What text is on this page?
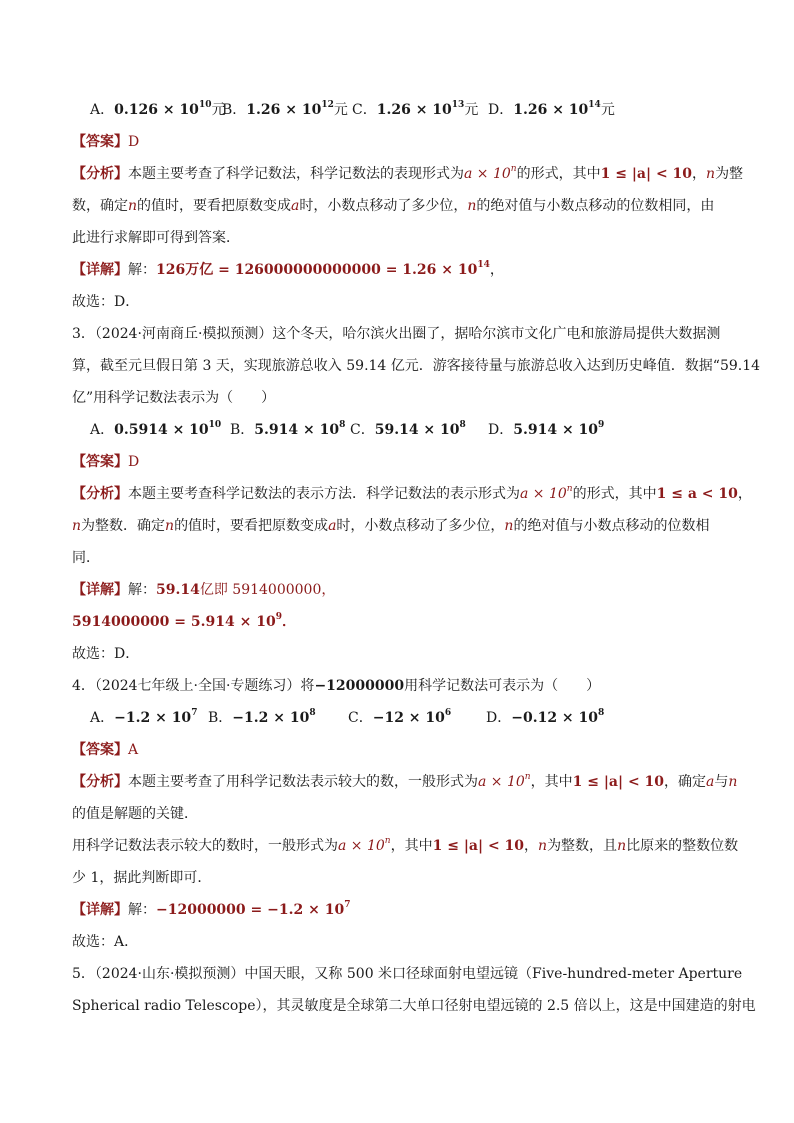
A．$0.126 \times 10^{10}$元B．$1.26 \times 10^{12}$元 C．$1.26 \times 10^{13}$元 D．$1.26 \times 10^{14}$元
【答案】D
【分析】本题主要考查了科学记数法，科学记数法的表现形式为$a \times 10^n$的形式，其中1 ≤ |a| < 10，n为整
数，确定n的值时，要看把原数变成a时，小数点移动了多少位，n的绝对值与小数点移动的位数相同，由
此进行求解即可得到答案．
【详解】解：126万亿 = $126000000000000 = 1.26 \times 10^{14}$，
故选：D．
3．（2024·河南商丘·模拟预测）这个冬天，哈尔滨火出圈了，据哈尔滨市文化广电和旅游局提供大数据测
算，截至元旦假日第 3 天，实现旅游总收入 59.14 亿元．游客接待量与旅游总收入达到历史峰值．数据“59.14
亿”用科学记数法表示为（　　）
A．$0.5914 \times 10^{10}$ B．$5.914 \times 10^8$ C．$59.14 \times 10^8$ D．$5.914 \times 10^9$
【答案】D
【分析】本题主要考查科学记数法的表示方法．科学记数法的表示形式为$a \times 10^n$的形式，其中1 ≤ a < 10，
n为整数．确定n的值时，要看把原数变成a时，小数点移动了多少位，n的绝对值与小数点移动的位数相
同．
【详解】解：59.14亿即 5914000000，
$5914000000 = 5.914 \times 10^9$．
故选：D．
4．（2024七年级上·全国·专题练习）将−12000000用科学记数法可表示为（　　）
A．$-1.2 \times 10^7$ B．$-1.2 \times 10^8$ C．$-12 \times 10^6$ D．$-0.12 \times 10^8$
【答案】A
【分析】本题主要考查了用科学记数法表示较大的数，一般形式为$a \times 10^n$，其中1 ≤ |a| < 10，确定a与n
的值是解题的关键．
用科学记数法表示较大的数时，一般形式为$a \times 10^n$，其中1 ≤ |a| < 10，n为整数，且n比原来的整数位数
少 1，据此判断即可．
【详解】解：$-12000000 = -1.2 \times 10^7$
故选：A．
5．（2024·山东·模拟预测）中国天眼，又称 500 米口径球面射电望远镜（Five-hundred-meter Aperture
Spherical radio Telescope），其灵敏度是全球第二大单口径射电望远镜的 2.5 倍以上，这是中国建造的射电
